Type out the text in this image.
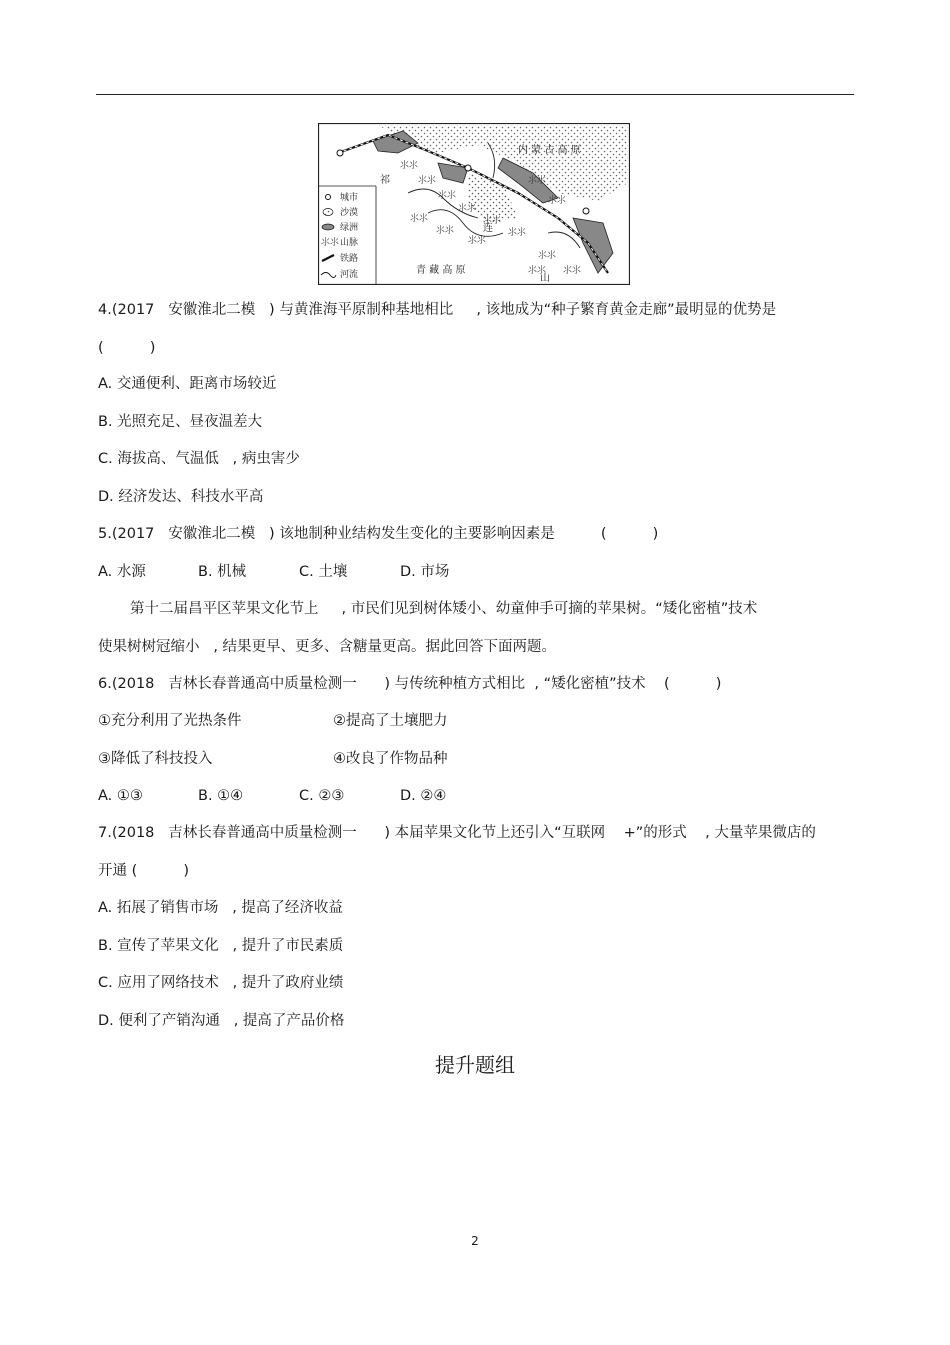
⺢⺢
⺢⺢
⺢⺢
⺢⺢
⺢⺢
⺢⺢
⺢⺢
⺢⺢
⺢⺢
⺢⺢
⺢⺢
⺢⺢
⺢⺢
⺢⺢
内 蒙 古 高 原
祁
连
山
青 藏 高 原
城市
沙漠
绿洲
⺢⺢ 山脉
铁路
河流
4.(2017   安徽淮北二模   ) 与黄淮海平原制种基地相比     , 该地成为“种子繁育黄金走廊”最明显的优势是
(          )
A. 交通便利、距离市场较近
B. 光照充足、昼夜温差大
C. 海拔高、气温低   , 病虫害少
D. 经济发达、科技水平高
5.(2017   安徽淮北二模   ) 该地制种业结构发生变化的主要影响因素是          (          )
A. 水源	B. 机械	C. 土壤	D. 市场
第十二届昌平区苹果文化节上     , 市民们见到树体矮小、幼童伸手可摘的苹果树。“矮化密植”技术
使果树树冠缩小   , 结果更早、更多、含糖量更高。据此回答下面两题。
6.(2018   吉林长春普通高中质量检测一      ) 与传统种植方式相比  , “矮化密植”技术    (          )
①充分利用了光热条件	②提高了土壤肥力
③降低了科技投入	④改良了作物品种
A. ①③	B. ①④	C. ②③	D. ②④
7.(2018   吉林长春普通高中质量检测一      ) 本届苹果文化节上还引入“互联网    +”的形式    , 大量苹果微店的
开通 (          )
A. 拓展了销售市场   , 提高了经济收益
B. 宣传了苹果文化   , 提升了市民素质
C. 应用了网络技术   , 提升了政府业绩
D. 便利了产销沟通   , 提高了产品价格
提升题组
2
